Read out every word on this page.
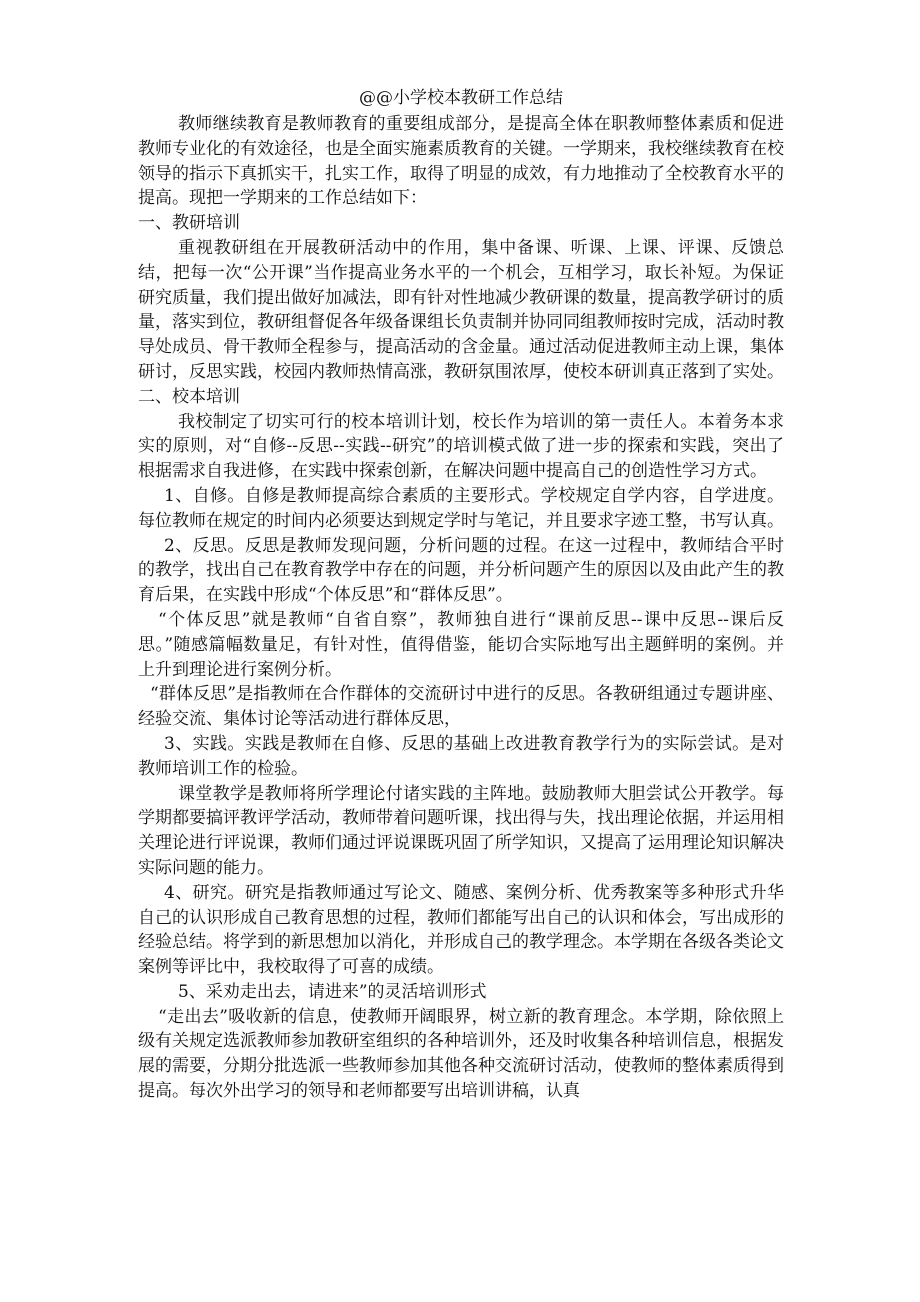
@@小学校本教研工作总结

教师继续教育是教师教育的重要组成部分，是提高全体在职教师整体素质和促进教师专业化的有效途径，也是全面实施素质教育的关键。一学期来，我校继续教育在校领导的指示下真抓实干，扎实工作，取得了明显的成效，有力地推动了全校教育水平的提高。现把一学期来的工作总结如下：

一、教研培训

重视教研组在开展教研活动中的作用，集中备课、听课、上课、评课、反馈总结，把每一次“公开课”当作提高业务水平的一个机会，互相学习，取长补短。为保证研究质量，我们提出做好加减法，即有针对性地减少教研课的数量，提高教学研讨的质量，落实到位，教研组督促各年级备课组长负责制并协同同组教师按时完成，活动时教导处成员、骨干教师全程参与，提高活动的含金量。通过活动促进教师主动上课，集体研讨，反思实践，校园内教师热情高涨，教研氛围浓厚，使校本研训真正落到了实处。

二、校本培训

我校制定了切实可行的校本培训计划，校长作为培训的第一责任人。本着务本求实的原则，对“自修--反思--实践--研究”的培训模式做了进一步的探索和实践，突出了根据需求自我进修，在实践中探索创新，在解决问题中提高自己的创造性学习方式。

1、自修。自修是教师提高综合素质的主要形式。学校规定自学内容，自学进度。每位教师在规定的时间内必须要达到规定学时与笔记，并且要求字迹工整，书写认真。

2、反思。反思是教师发现问题，分析问题的过程。在这一过程中，教师结合平时的教学，找出自己在教育教学中存在的问题，并分析问题产生的原因以及由此产生的教育后果，在实践中形成“个体反思”和“群体反思”。

“个体反思”就是教师“自省自察”，教师独自进行“课前反思--课中反思--课后反思。”随感篇幅数量足，有针对性，值得借鉴，能切合实际地写出主题鲜明的案例。并上升到理论进行案例分析。

“群体反思”是指教师在合作群体的交流研讨中进行的反思。各教研组通过专题讲座、经验交流、集体讨论等活动进行群体反思，

3、实践。实践是教师在自修、反思的基础上改进教育教学行为的实际尝试。是对教师培训工作的检验。

课堂教学是教师将所学理论付诸实践的主阵地。鼓励教师大胆尝试公开教学。每学期都要搞评教评学活动，教师带着问题听课，找出得与失，找出理论依据，并运用相关理论进行评说课，教师们通过评说课既巩固了所学知识，又提高了运用理论知识解决实际问题的能力。

4、研究。研究是指教师通过写论文、随感、案例分析、优秀教案等多种形式升华自己的认识形成自己教育思想的过程，教师们都能写出自己的认识和体会，写出成形的经验总结。将学到的新思想加以消化，并形成自己的教学理念。本学期在各级各类论文案例等评比中，我校取得了可喜的成绩。

5、采劝走出去，请进来”的灵活培训形式

“走出去”吸收新的信息，使教师开阔眼界，树立新的教育理念。本学期，除依照上级有关规定选派教师参加教研室组织的各种培训外，还及时收集各种培训信息，根据发展的需要，分期分批选派一些教师参加其他各种交流研讨活动，使教师的整体素质得到提高。每次外出学习的领导和老师都要写出培训讲稿，认真
